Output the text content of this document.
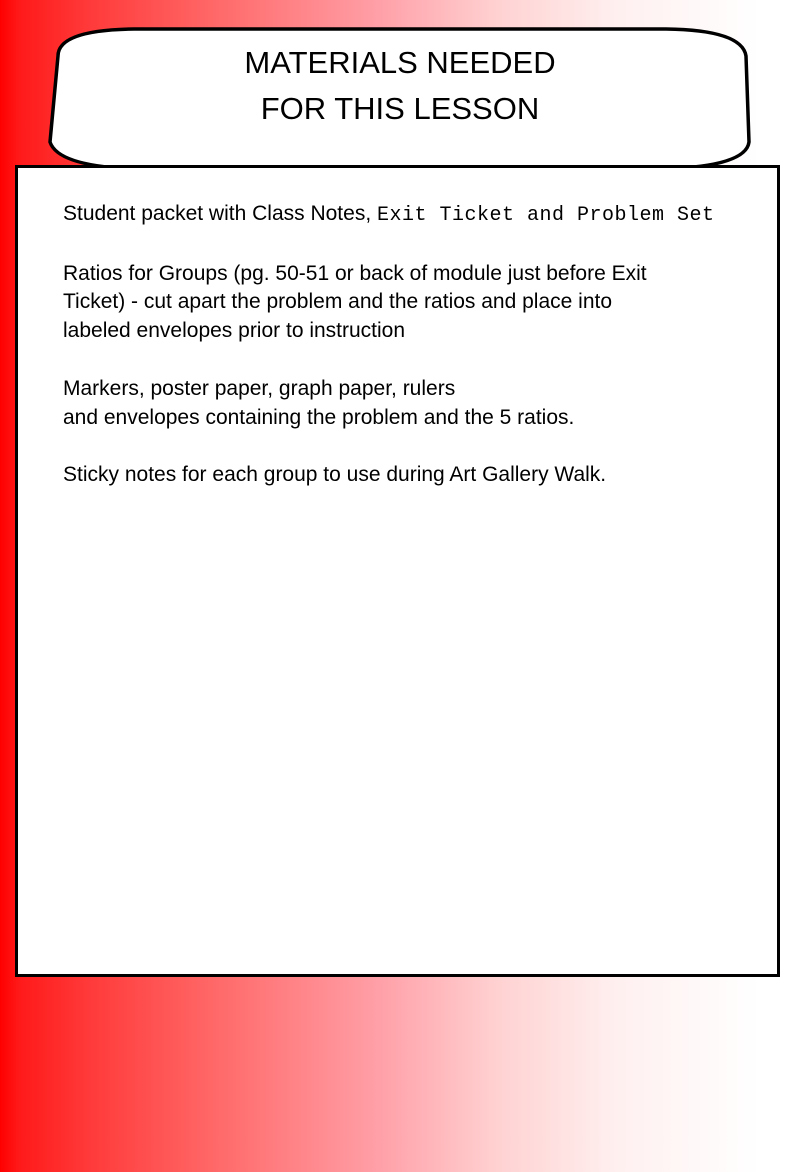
MATERIALS NEEDED
FOR THIS LESSON

Student packet with Class Notes, Exit Ticket and Problem Set

Ratios for Groups (pg. 50-51 or back of module just before Exit
Ticket) - cut apart the problem and the ratios and place into
labeled envelopes prior to instruction

Markers, poster paper, graph paper, rulers
and envelopes containing the problem and the 5 ratios.

Sticky notes for each group to use during Art Gallery Walk.
